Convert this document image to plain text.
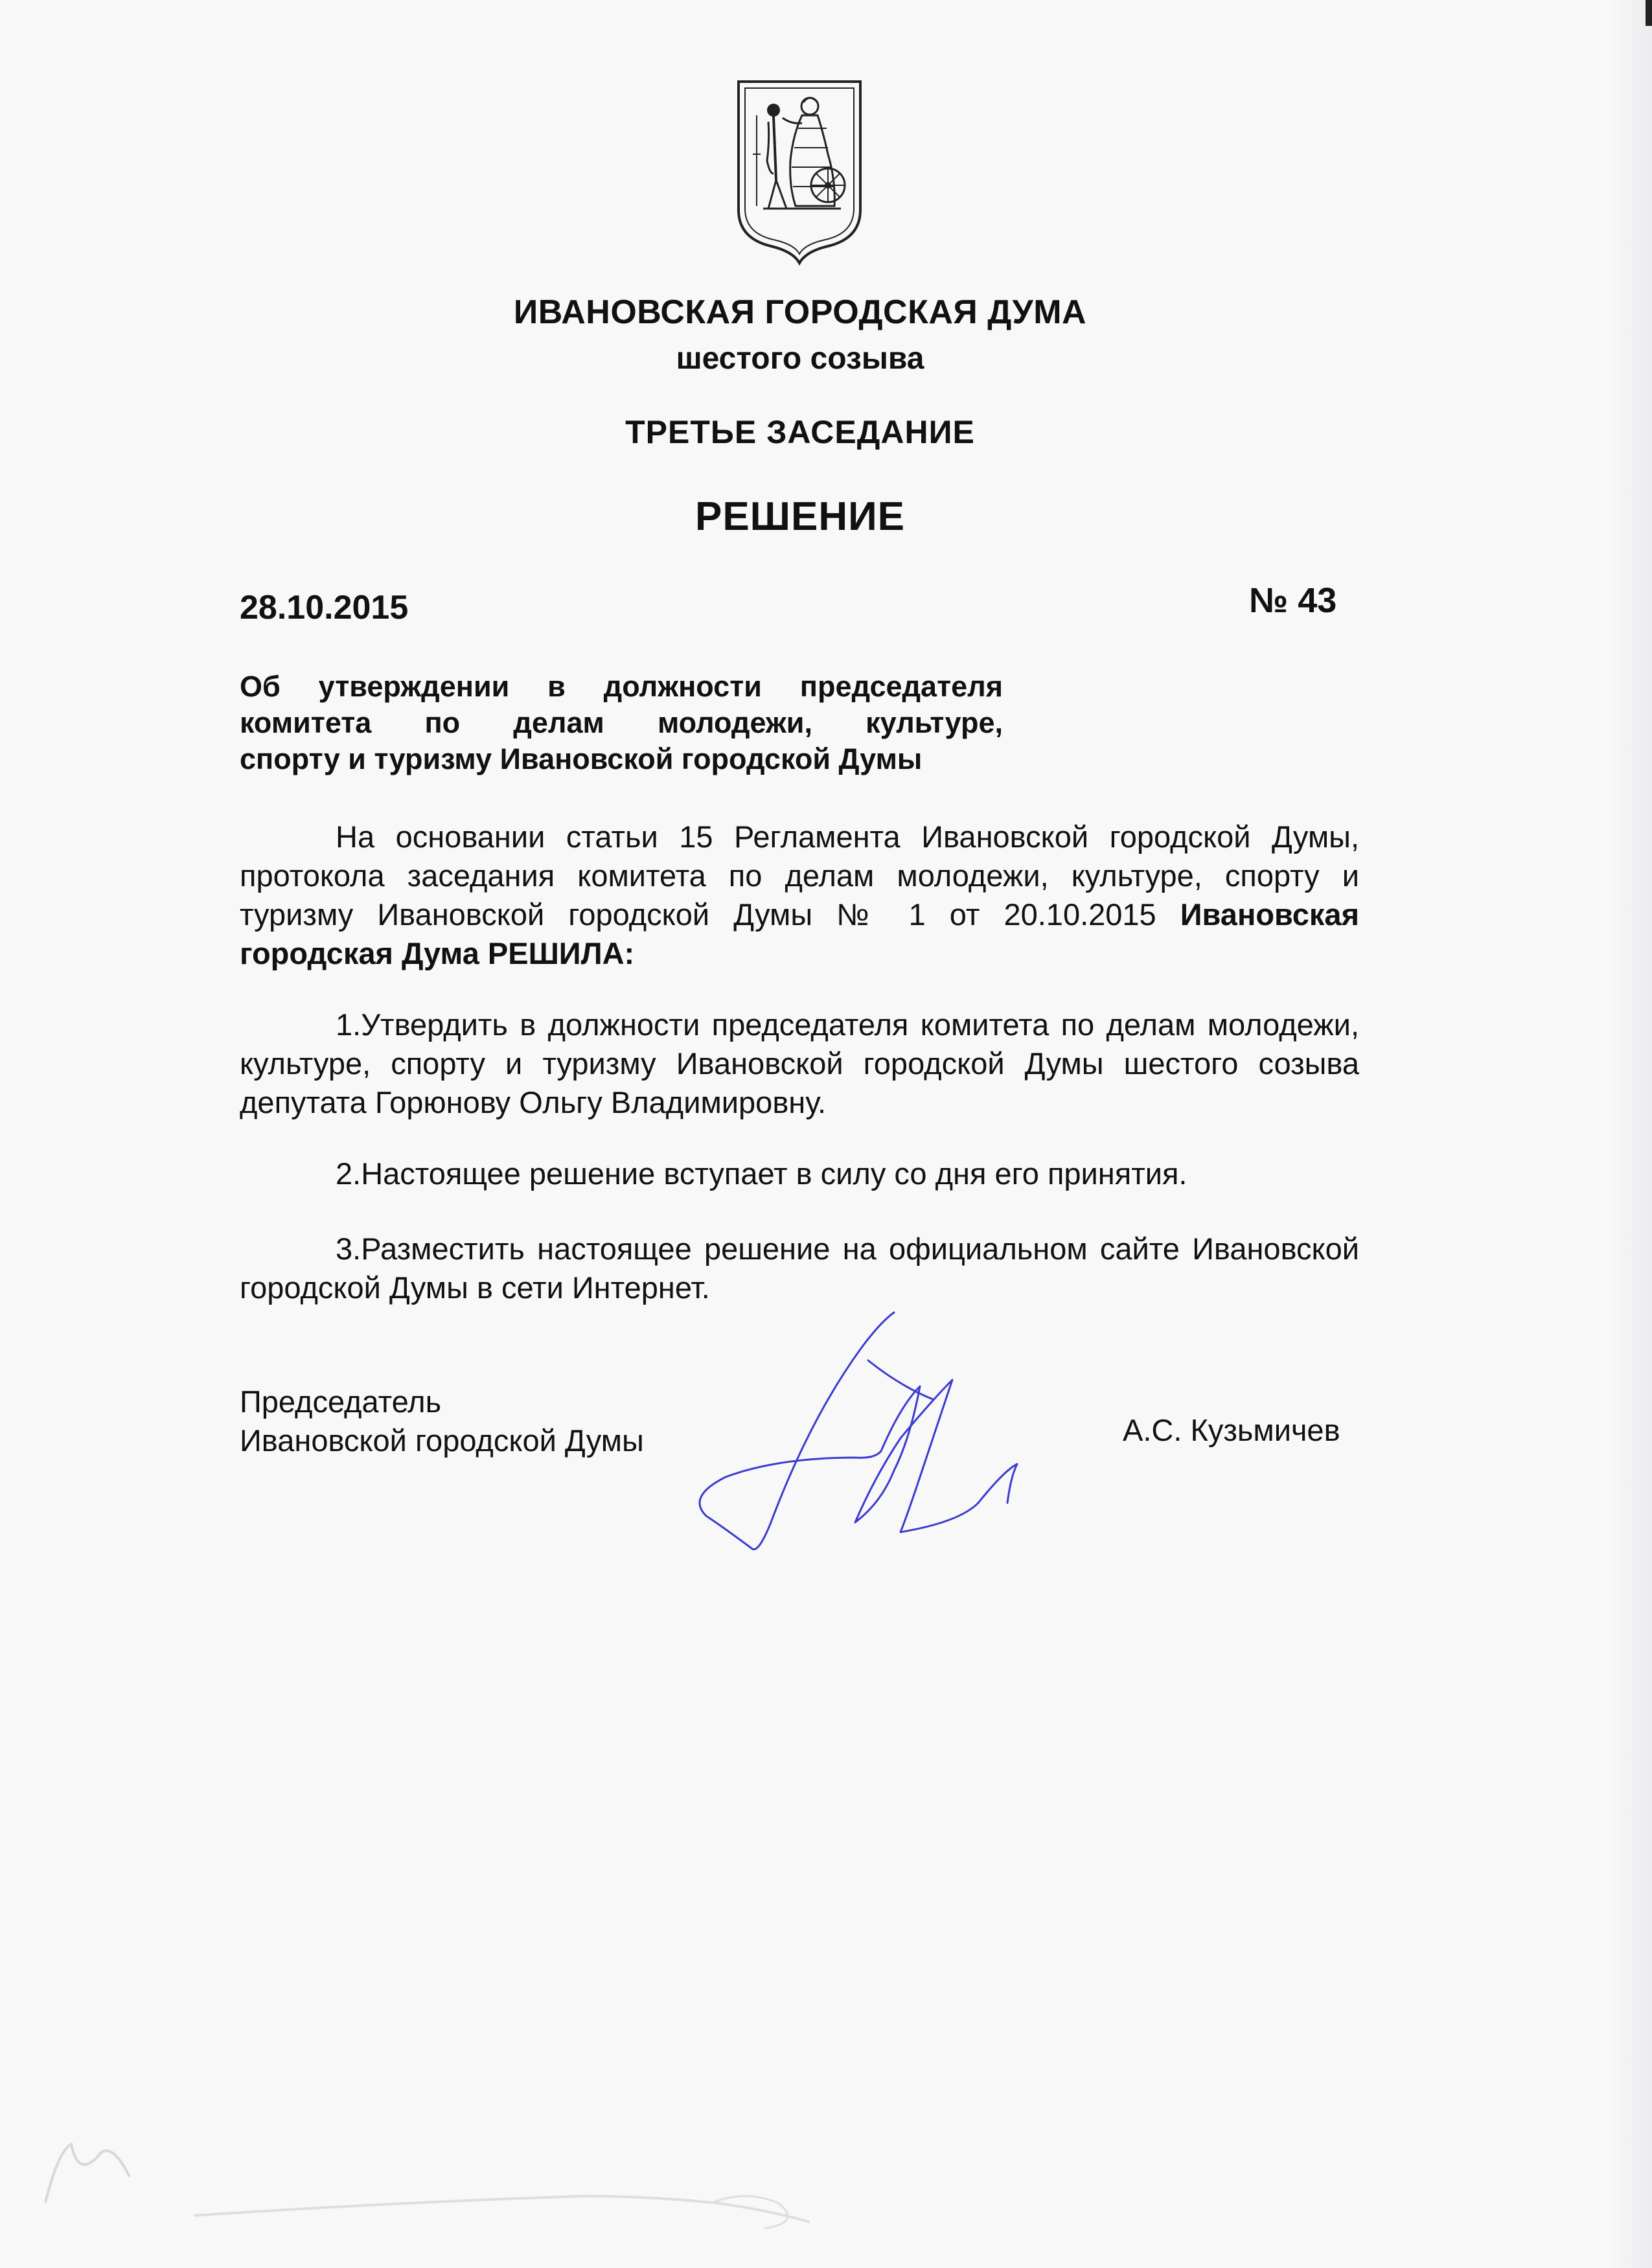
ИВАНОВСКАЯ ГОРОДСКАЯ ДУМА
шестого созыва
ТРЕТЬЕ ЗАСЕДАНИЕ
РЕШЕНИЕ
28.10.2015	№ 43
Об утверждении в должности председателя
комитета по делам молодежи, культуре,
спорту и туризму Ивановской городской Думы
На основании статьи 15 Регламента Ивановской городской Думы, протокола заседания комитета по делам молодежи, культуре, спорту и туризму Ивановской городской Думы № 1 от 20.10.2015 Ивановская городская Дума РЕШИЛА:
1.Утвердить в должности председателя комитета по делам молодежи, культуре, спорту и туризму Ивановской городской Думы шестого созыва депутата Горюнову Ольгу Владимировну.
2.Настоящее решение вступает в силу со дня его принятия.
3.Разместить настоящее решение на официальном сайте Ивановской городской Думы в сети Интернет.
Председатель
Ивановской городской Думы	А.С. Кузьмичев
